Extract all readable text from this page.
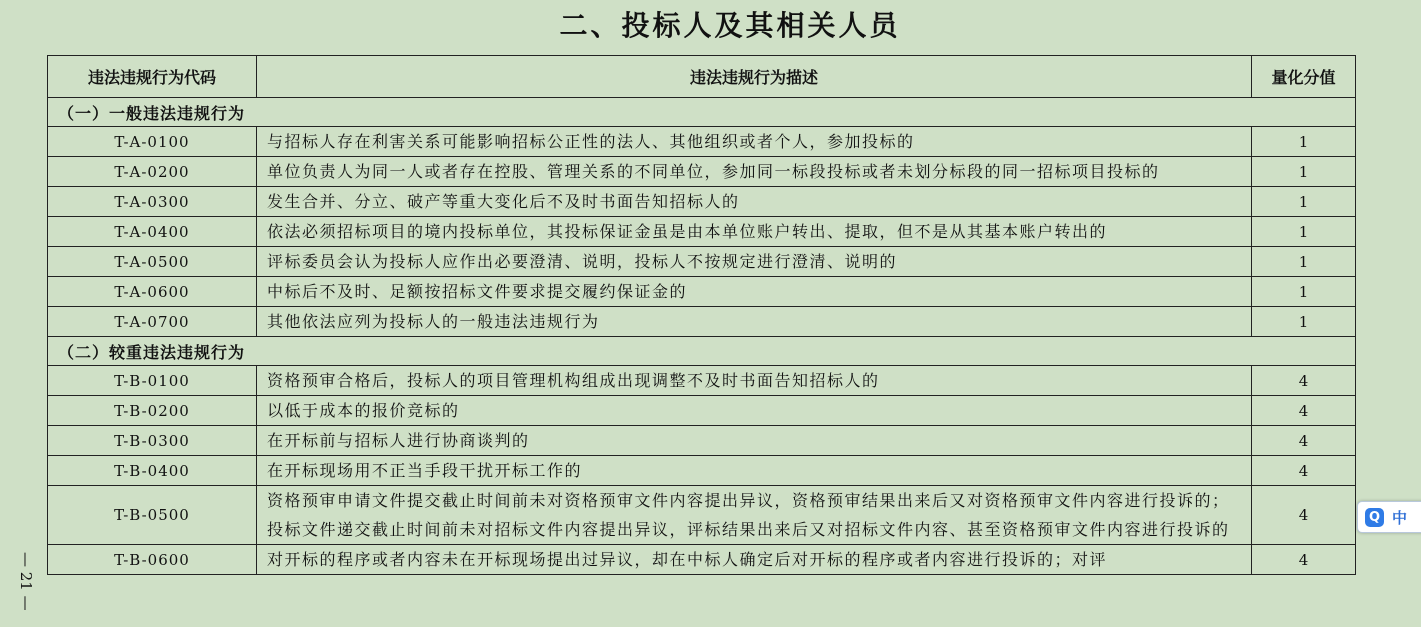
二、投标人及其相关人员
违法违规行为代码	违法违规行为描述	量化分值
（一）一般违法违规行为		
T-A-0100	与招标人存在利害关系可能影响招标公正性的法人、其他组织或者个人，参加投标的	1
T-A-0200	单位负责人为同一人或者存在控股、管理关系的不同单位，参加同一标段投标或者未划分标段的同一招标项目投标的	1
T-A-0300	发生合并、分立、破产等重大变化后不及时书面告知招标人的	1
T-A-0400	依法必须招标项目的境内投标单位，其投标保证金虽是由本单位账户转出、提取，但不是从其基本账户转出的	1
T-A-0500	评标委员会认为投标人应作出必要澄清、说明，投标人不按规定进行澄清、说明的	1
T-A-0600	中标后不及时、足额按招标文件要求提交履约保证金的	1
T-A-0700	其他依法应列为投标人的一般违法违规行为	1
（二）较重违法违规行为		
T-B-0100	资格预审合格后，投标人的项目管理机构组成出现调整不及时书面告知招标人的	4
T-B-0200	以低于成本的报价竞标的	4
T-B-0300	在开标前与招标人进行协商谈判的	4
T-B-0400	在开标现场用不正当手段干扰开标工作的	4
T-B-0500	资格预审申请文件提交截止时间前未对资格预审文件内容提出异议，资格预审结果出来后又对资格预审文件内容进行投诉的；投标文件递交截止时间前未对招标文件内容提出异议，评标结果出来后又对招标文件内容、甚至资格预审文件内容进行投诉的	4
T-B-0600	对开标的程序或者内容未在开标现场提出过异议，却在中标人确定后对开标的程序或者内容进行投诉的；对评	4
— 21 —
Q 中
